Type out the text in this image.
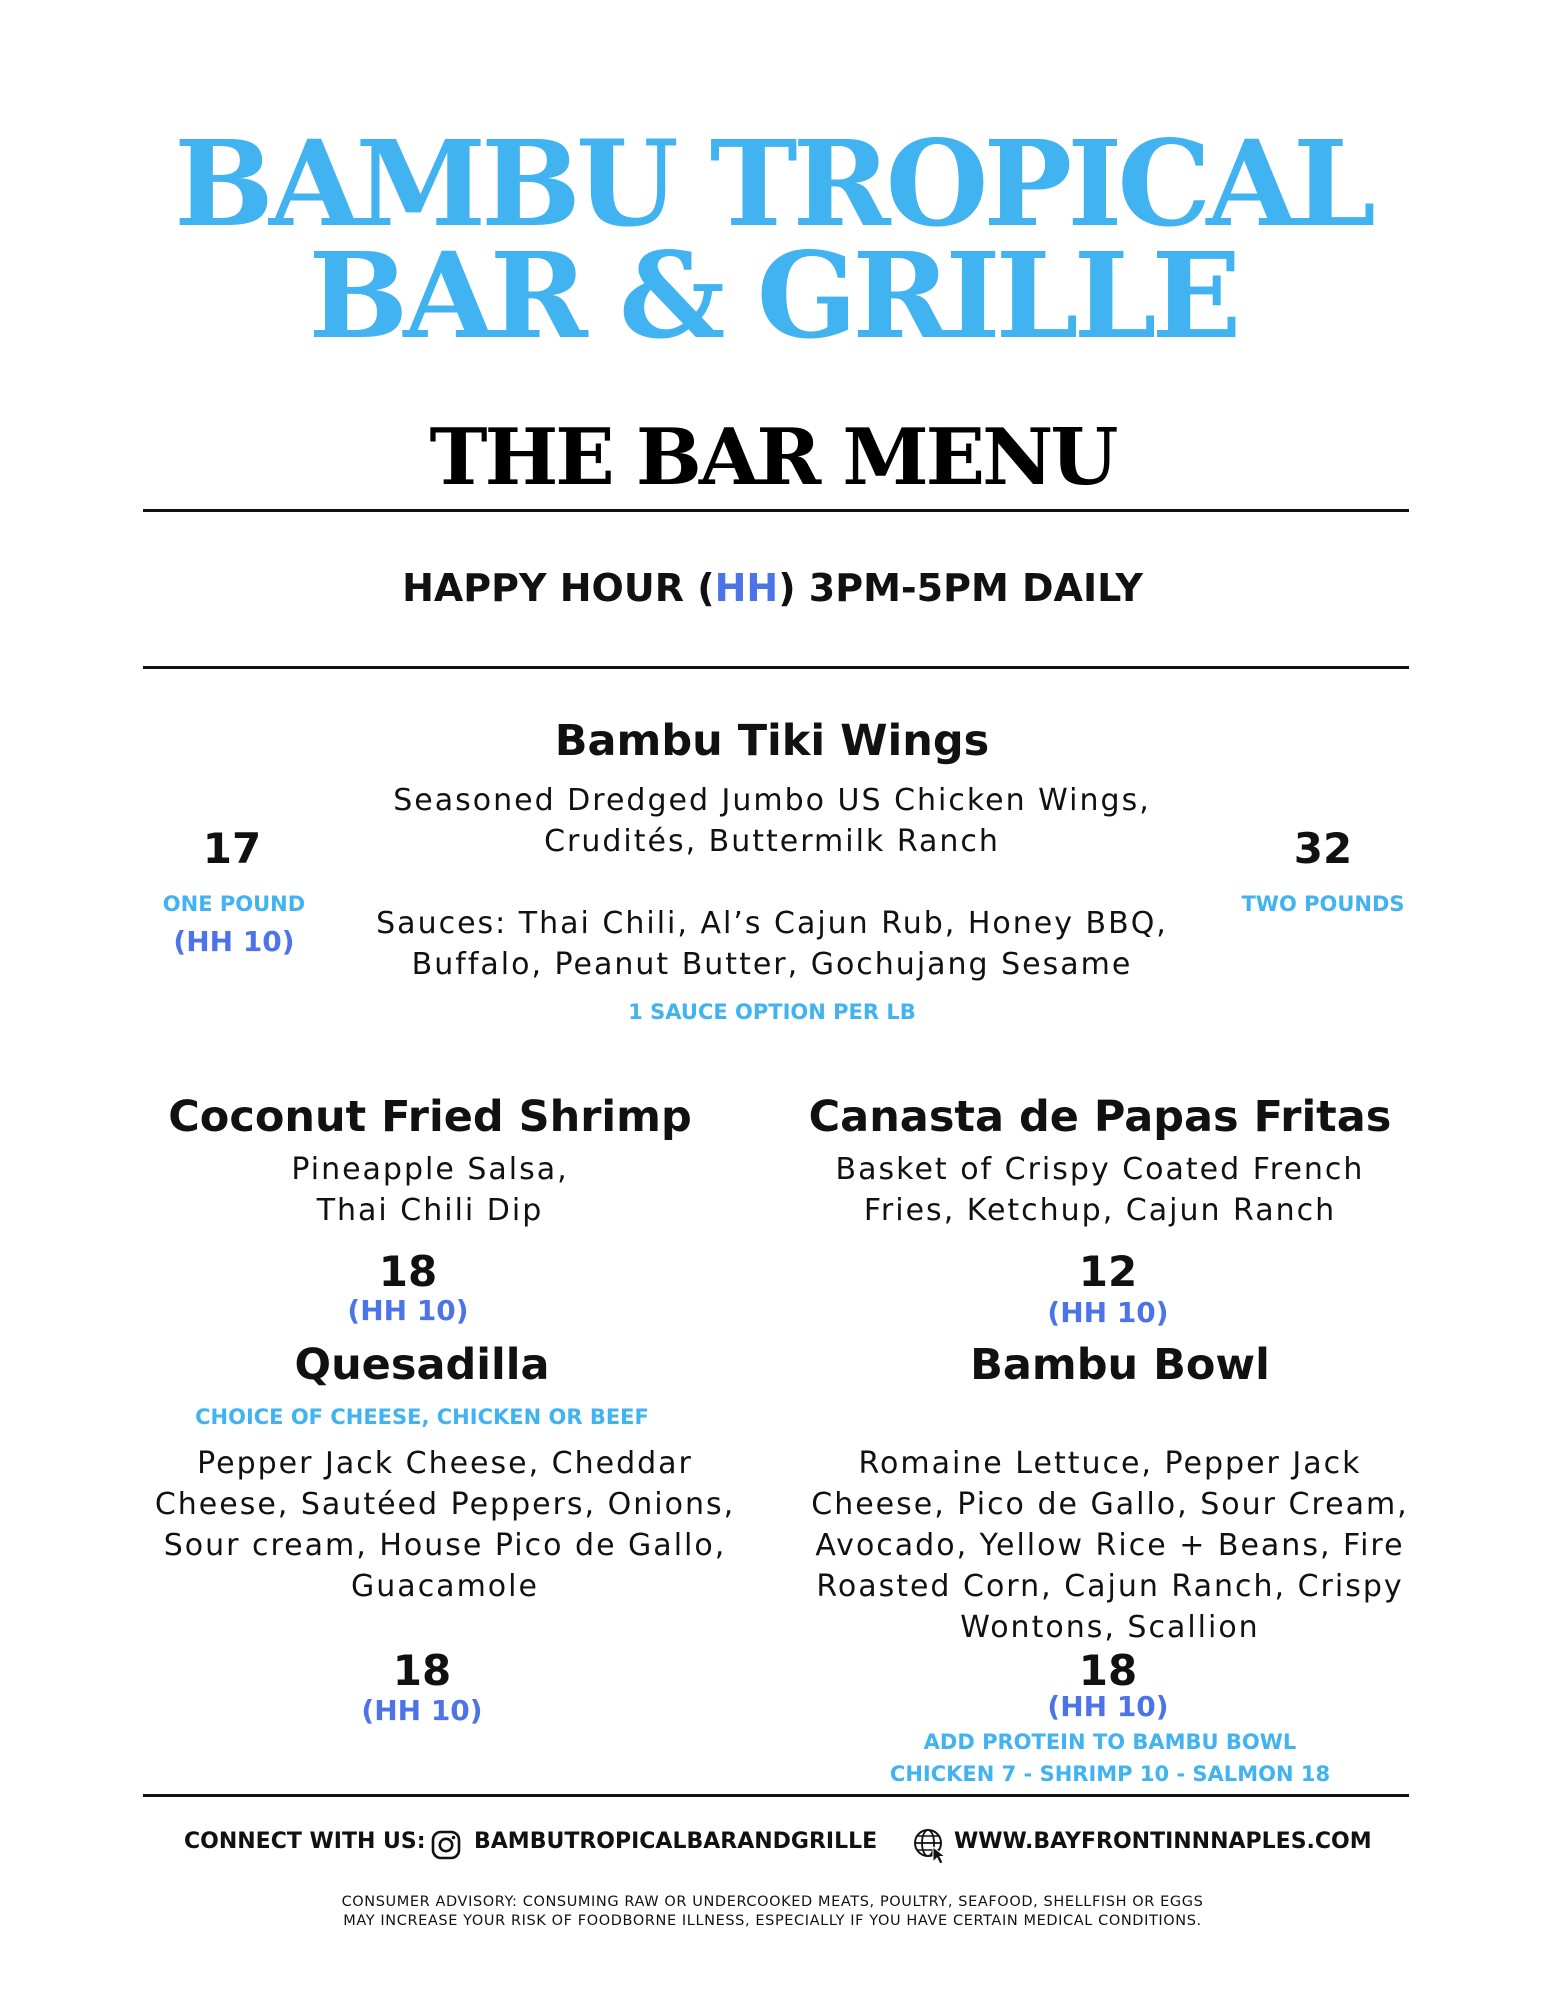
BAMBU TROPICAL
BAR & GRILLE
THE BAR MENU
HAPPY HOUR (HH) 3PM-5PM DAILY
Bambu Tiki Wings
Seasoned Dredged Jumbo US Chicken Wings,
Crudités, Buttermilk Ranch
Sauces: Thai Chili, Al’s Cajun Rub, Honey BBQ,
Buffalo, Peanut Butter, Gochujang Sesame
1 SAUCE OPTION PER LB
17
ONE POUND
(HH 10)
32
TWO POUNDS
Coconut Fried Shrimp
Pineapple Salsa,
Thai Chili Dip
18
(HH 10)
Canasta de Papas Fritas
Basket of Crispy Coated French
Fries, Ketchup, Cajun Ranch
12
(HH 10)
Quesadilla
CHOICE OF CHEESE, CHICKEN OR BEEF
Pepper Jack Cheese, Cheddar
Cheese, Sautéed Peppers, Onions,
Sour cream, House Pico de Gallo,
Guacamole
18
(HH 10)
Bambu Bowl
Romaine Lettuce, Pepper Jack
Cheese, Pico de Gallo, Sour Cream,
Avocado, Yellow Rice + Beans, Fire
Roasted Corn, Cajun Ranch, Crispy
Wontons, Scallion
18
(HH 10)
ADD PROTEIN TO BAMBU BOWL
CHICKEN 7 - SHRIMP 10 - SALMON 18
CONNECT WITH US: BAMBUTROPICALBARANDGRILLE	WWW.BAYFRONTINNNAPLES.COM
CONSUMER ADVISORY: CONSUMING RAW OR UNDERCOOKED MEATS, POULTRY, SEAFOOD, SHELLFISH OR EGGS
MAY INCREASE YOUR RISK OF FOODBORNE ILLNESS, ESPECIALLY IF YOU HAVE CERTAIN MEDICAL CONDITIONS.
